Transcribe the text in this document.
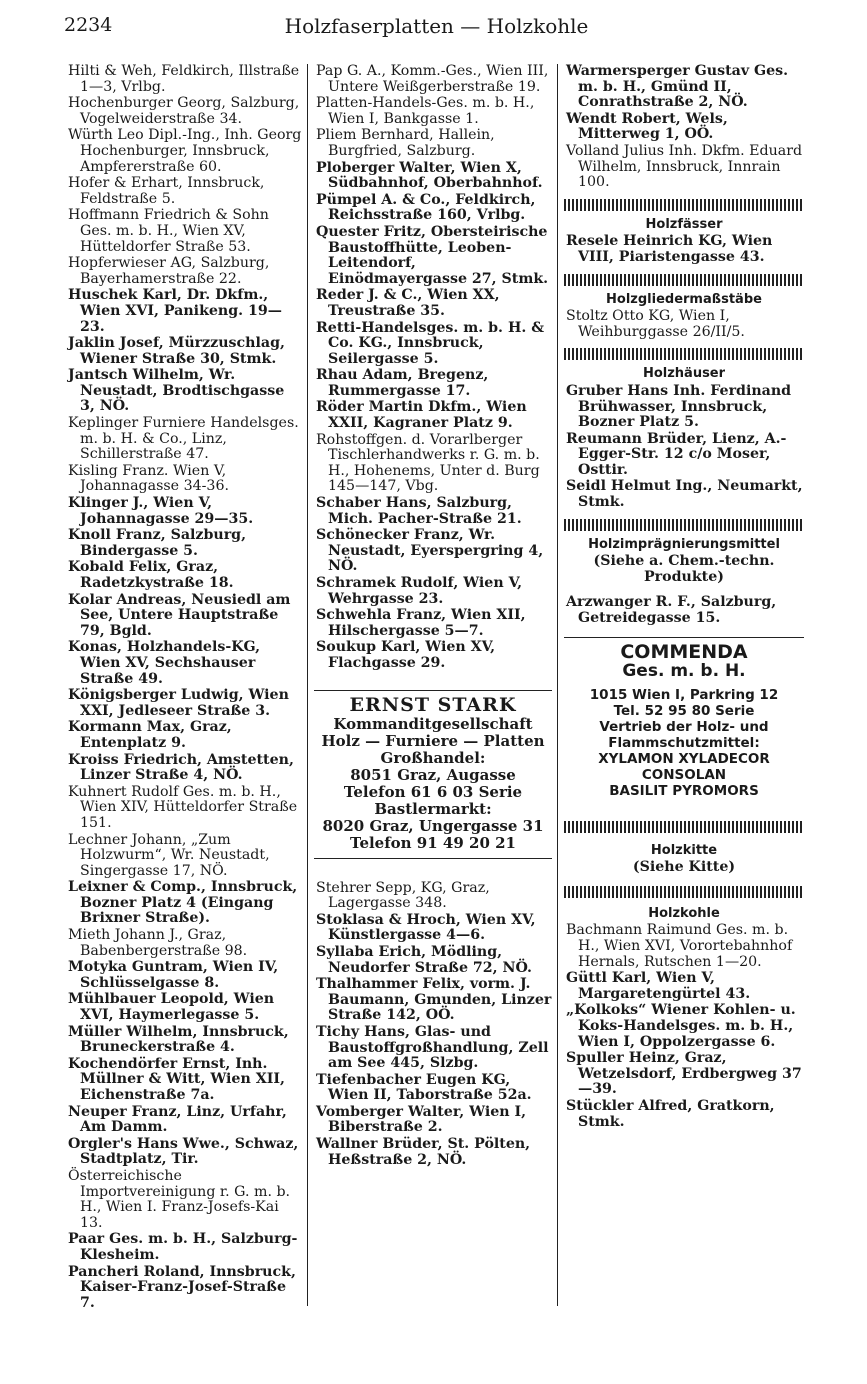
2234	Holzfaserplatten — Holzkohle
Hilti & Weh, Feldkirch, Illstraße 1—3, Vrlbg.
Hochenburger Georg, Salzburg, Vogelweiderstraße 34.
Würth Leo Dipl.-Ing., Inh. Georg Hochenburger, Innsbruck, Ampfererstraße 60.
Hofer & Erhart, Innsbruck, Feldstraße 5.
Hoffmann Friedrich & Sohn Ges. m. b. H., Wien XV, Hütteldorfer Straße 53.
Hopferwieser AG, Salzburg, Bayerhamerstraße 22.
Huschek Karl, Dr. Dkfm., Wien XVI, Panikeng. 19—23.
Jaklin Josef, Mürzzuschlag, Wiener Straße 30, Stmk.
Jantsch Wilhelm, Wr. Neustadt, Brodtischgasse 3, NÖ.
Keplinger Furniere Handelsges. m. b. H. & Co., Linz, Schillerstraße 47.
Kisling Franz. Wien V, Johannagasse 34-36.
Klinger J., Wien V, Johannagasse 29—35.
Knoll Franz, Salzburg, Bindergasse 5.
Kobald Felix, Graz, Radetzkystraße 18.
Kolar Andreas, Neusiedl am See, Untere Hauptstraße 79, Bgld.
Konas, Holzhandels-KG, Wien XV, Sechshauser Straße 49.
Königsberger Ludwig, Wien XXI, Jedleseer Straße 3.
Kormann Max, Graz, Entenplatz 9.
Kroiss Friedrich, Amstetten, Linzer Straße 4, NÖ.
Kuhnert Rudolf Ges. m. b. H., Wien XIV, Hütteldorfer Straße 151.
Lechner Johann, „Zum Holzwurm“, Wr. Neustadt, Singergasse 17, NÖ.
Leixner & Comp., Innsbruck, Bozner Platz 4 (Eingang Brixner Straße).
Mieth Johann J., Graz, Babenbergerstraße 98.
Motyka Guntram, Wien IV, Schlüsselgasse 8.
Mühlbauer Leopold, Wien XVI, Haymerlegasse 5.
Müller Wilhelm, Innsbruck, Bruneckerstraße 4.
Kochendörfer Ernst, Inh. Müllner & Witt, Wien XII, Eichenstraße 7a.
Neuper Franz, Linz, Urfahr, Am Damm.
Orgler's Hans Wwe., Schwaz, Stadtplatz, Tir.
Österreichische Importvereinigung r. G. m. b. H., Wien I. Franz-Josefs-Kai 13.
Paar Ges. m. b. H., Salzburg-Klesheim.
Pancheri Roland, Innsbruck, Kaiser-Franz-Josef-Straße 7.
Pap G. A., Komm.-Ges., Wien III, Untere Weißgerberstraße 19.
Platten-Handels-Ges. m. b. H., Wien I, Bankgasse 1.
Pliem Bernhard, Hallein, Burgfried, Salzburg.
Ploberger Walter, Wien X, Südbahnhof, Oberbahnhof.
Pümpel A. & Co., Feldkirch, Reichsstraße 160, Vrlbg.
Quester Fritz, Obersteirische Baustoffhütte, Leoben-Leitendorf, Einödmayergasse 27, Stmk.
Reder J. & C., Wien XX, Treustraße 35.
Retti-Handelsges. m. b. H. & Co. KG., Innsbruck, Seilergasse 5.
Rhau Adam, Bregenz, Rummergasse 17.
Röder Martin Dkfm., Wien XXII, Kagraner Platz 9.
Rohstoffgen. d. Vorarlberger Tischlerhandwerks r. G. m. b. H., Hohenems, Unter d. Burg 145—147, Vbg.
Schaber Hans, Salzburg, Mich. Pacher-Straße 21.
Schönecker Franz, Wr. Neustadt, Eyerspergring 4, NÖ.
Schramek Rudolf, Wien V, Wehrgasse 23.
Schwehla Franz, Wien XII, Hilschergasse 5—7.
Soukup Karl, Wien XV, Flachgasse 29.
ERNST STARK
Kommanditgesellschaft
Holz — Furniere — Platten
Großhandel:
8051 Graz, Augasse
Telefon 61 6 03 Serie
Bastlermarkt:
8020 Graz, Ungergasse 31
Telefon 91 49 20 21
Stehrer Sepp, KG, Graz, Lagergasse 348.
Stoklasa & Hroch, Wien XV, Künstlergasse 4—6.
Syllaba Erich, Mödling, Neudorfer Straße 72, NÖ.
Thalhammer Felix, vorm. J. Baumann, Gmunden, Linzer Straße 142, OÖ.
Tichy Hans, Glas- und Baustoffgroßhandlung, Zell am See 445, Slzbg.
Tiefenbacher Eugen KG, Wien II, Taborstraße 52a.
Vomberger Walter, Wien I, Biberstraße 2.
Wallner Brüder, St. Pölten, Heßstraße 2, NÖ.
Warmersperger Gustav Ges. m. b. H., Gmünd II, Conrathstraße 2, NÖ.
Wendt Robert, Wels, Mitterweg 1, OÖ.
Volland Julius Inh. Dkfm. Eduard Wilhelm, Innsbruck, Innrain 100.
Holzfässer
Resele Heinrich KG, Wien VIII, Piaristengasse 43.
Holzgliedermaßstäbe
Stoltz Otto KG, Wien I, Weihburggasse 26/II/5.
Holzhäuser
Gruber Hans Inh. Ferdinand Brühwasser, Innsbruck, Bozner Platz 5.
Reumann Brüder, Lienz, A.-Egger-Str. 12 c/o Moser, Osttir.
Seidl Helmut Ing., Neumarkt, Stmk.
Holzimprägnierungsmittel
(Siehe a. Chem.-techn. Produkte)
Arzwanger R. F., Salzburg, Getreidegasse 15.
COMMENDA
Ges. m. b. H.
1015 Wien I, Parkring 12
Tel. 52 95 80 Serie
Vertrieb der Holz- und
Flammschutzmittel:
XYLAMON XYLADECOR
CONSOLAN
BASILIT PYROMORS
Holzkitte
(Siehe Kitte)
Holzkohle
Bachmann Raimund Ges. m. b. H., Wien XVI, Vorortebahnhof Hernals, Rutschen 1—20.
Güttl Karl, Wien V, Margaretengürtel 43.
„Kolkoks“ Wiener Kohlen- u. Koks-Handelsges. m. b. H., Wien I, Oppolzergasse 6.
Spuller Heinz, Graz, Wetzelsdorf, Erdbergweg 37—39.
Stückler Alfred, Gratkorn, Stmk.
